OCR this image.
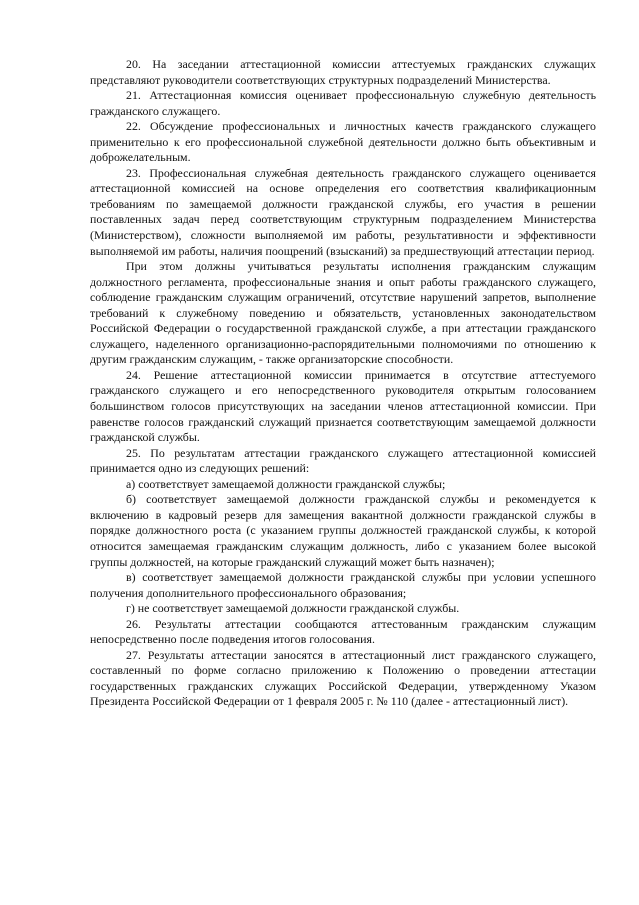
20. На заседании аттестационной комиссии аттестуемых гражданских служащих представляют руководители соответствующих структурных подразделений Министерства.

21. Аттестационная комиссия оценивает профессиональную служебную деятельность гражданского служащего.

22. Обсуждение профессиональных и личностных качеств гражданского служащего применительно к его профессиональной служебной деятельности должно быть объективным и доброжелательным.

23. Профессиональная служебная деятельность гражданского служащего оценивается аттестационной комиссией на основе определения его соответствия квалификационным требованиям по замещаемой должности гражданской службы, его участия в решении поставленных задач перед соответствующим структурным подразделением Министерства (Министерством), сложности выполняемой им работы, результативности и эффективности выполняемой им работы, наличия поощрений (взысканий) за предшествующий аттестации период.

При этом должны учитываться результаты исполнения гражданским служащим должностного регламента, профессиональные знания и опыт работы гражданского служащего, соблюдение гражданским служащим ограничений, отсутствие нарушений запретов, выполнение требований к служебному поведению и обязательств, установленных законодательством Российской Федерации о государственной гражданской службе, а при аттестации гражданского служащего, наделенного организационно-распорядительными полномочиями по отношению к другим гражданским служащим, - также организаторские способности.

24. Решение аттестационной комиссии принимается в отсутствие аттестуемого гражданского служащего и его непосредственного руководителя открытым голосованием большинством голосов присутствующих на заседании членов аттестационной комиссии. При равенстве голосов гражданский служащий признается соответствующим замещаемой должности гражданской службы.

25. По результатам аттестации гражданского служащего аттестационной комиссией принимается одно из следующих решений:

а) соответствует замещаемой должности гражданской службы;

б) соответствует замещаемой должности гражданской службы и рекомендуется к включению в кадровый резерв для замещения вакантной должности гражданской службы в порядке должностного роста (с указанием группы должностей гражданской службы, к которой относится замещаемая гражданским служащим должность, либо с указанием более высокой группы должностей, на которые гражданский служащий может быть назначен);

в) соответствует замещаемой должности гражданской службы при условии успешного получения дополнительного профессионального образования;

г) не соответствует замещаемой должности гражданской службы.

26. Результаты аттестации сообщаются аттестованным гражданским служащим непосредственно после подведения итогов голосования.

27. Результаты аттестации заносятся в аттестационный лист гражданского служащего, составленный по форме согласно приложению к Положению о проведении аттестации государственных гражданских служащих Российской Федерации, утвержденному Указом Президента Российской Федерации от 1 февраля 2005 г. № 110 (далее - аттестационный лист).
